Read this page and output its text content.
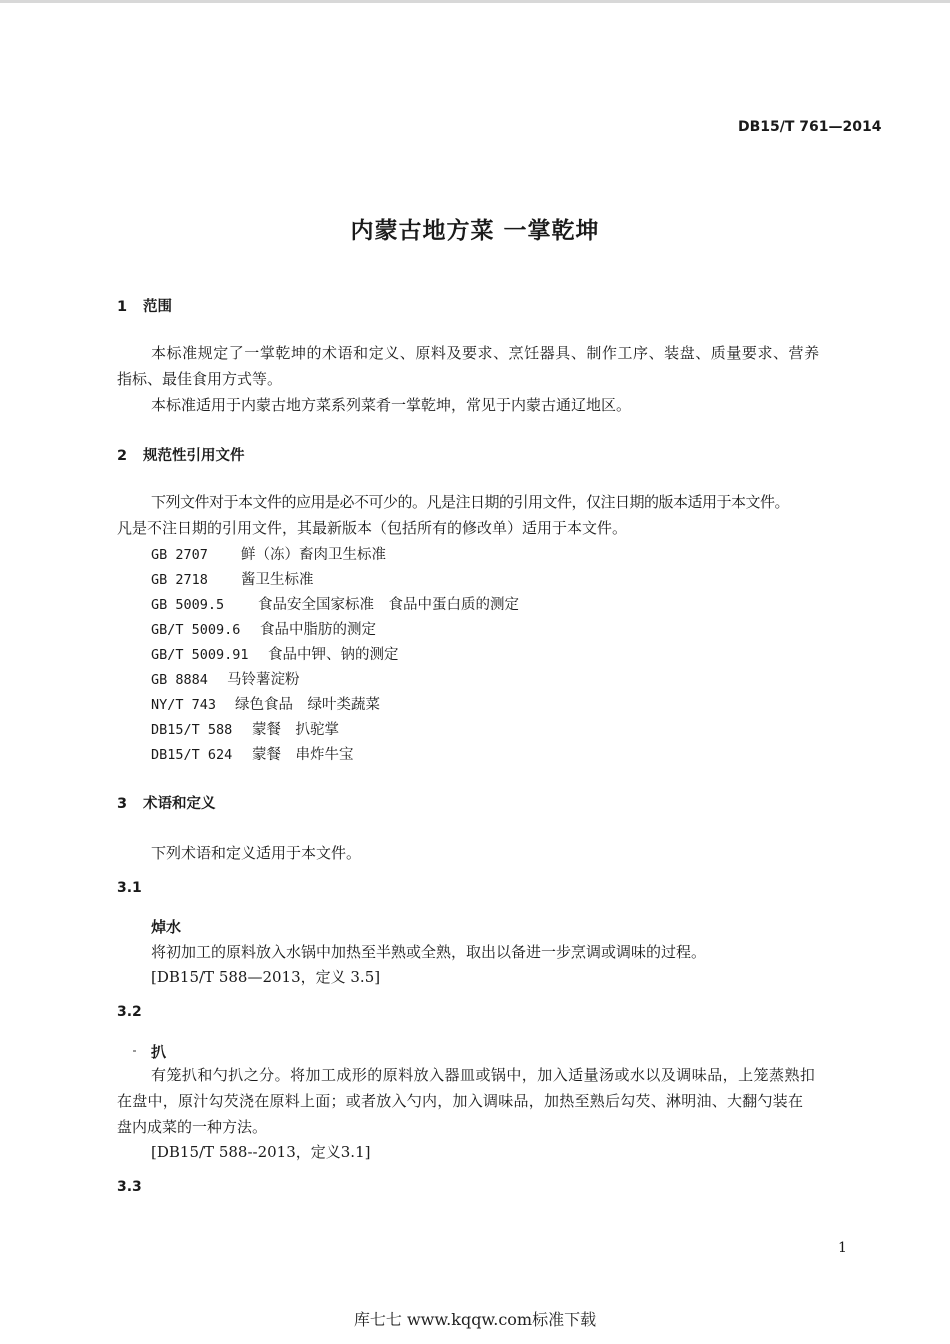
DB15/T 761—2014
内蒙古地方菜 一掌乾坤
1 范围
本标准规定了一掌乾坤的术语和定义、原料及要求、烹饪器具、制作工序、装盘、质量要求、营养
指标、最佳食用方式等。
本标准适用于内蒙古地方菜系列菜肴一掌乾坤，常见于内蒙古通辽地区。
2 规范性引用文件
下列文件对于本文件的应用是必不可少的。凡是注日期的引用文件，仅注日期的版本适用于本文件。
凡是不注日期的引用文件，其最新版本（包括所有的修改单）适用于本文件。
GB 2707 鲜（冻）畜肉卫生标准
GB 2718 酱卫生标准
GB 5009.5 食品安全国家标准　食品中蛋白质的测定
GB/T 5009.6 食品中脂肪的测定
GB/T 5009.91 食品中钾、钠的测定
GB 8884 马铃薯淀粉
NY/T 743 绿色食品　绿叶类蔬菜
DB15/T 588 蒙餐　扒驼掌
DB15/T 624 蒙餐　串炸牛宝
3 术语和定义
下列术语和定义适用于本文件。
3.1
焯水
将初加工的原料放入水锅中加热至半熟或全熟，取出以备进一步烹调或调味的过程。
[DB15/T 588—2013，定义 3.5]
3.2
扒
有笼扒和勺扒之分。将加工成形的原料放入器皿或锅中，加入适量汤或水以及调味品，上笼蒸熟扣
在盘中，原汁勾芡浇在原料上面；或者放入勺内，加入调味品，加热至熟后勾芡、淋明油、大翻勺装在
盘内成菜的一种方法。
[DB15/T 588--2013，定义3.1]
3.3
1
库七七 www.kqqw.com标准下载
